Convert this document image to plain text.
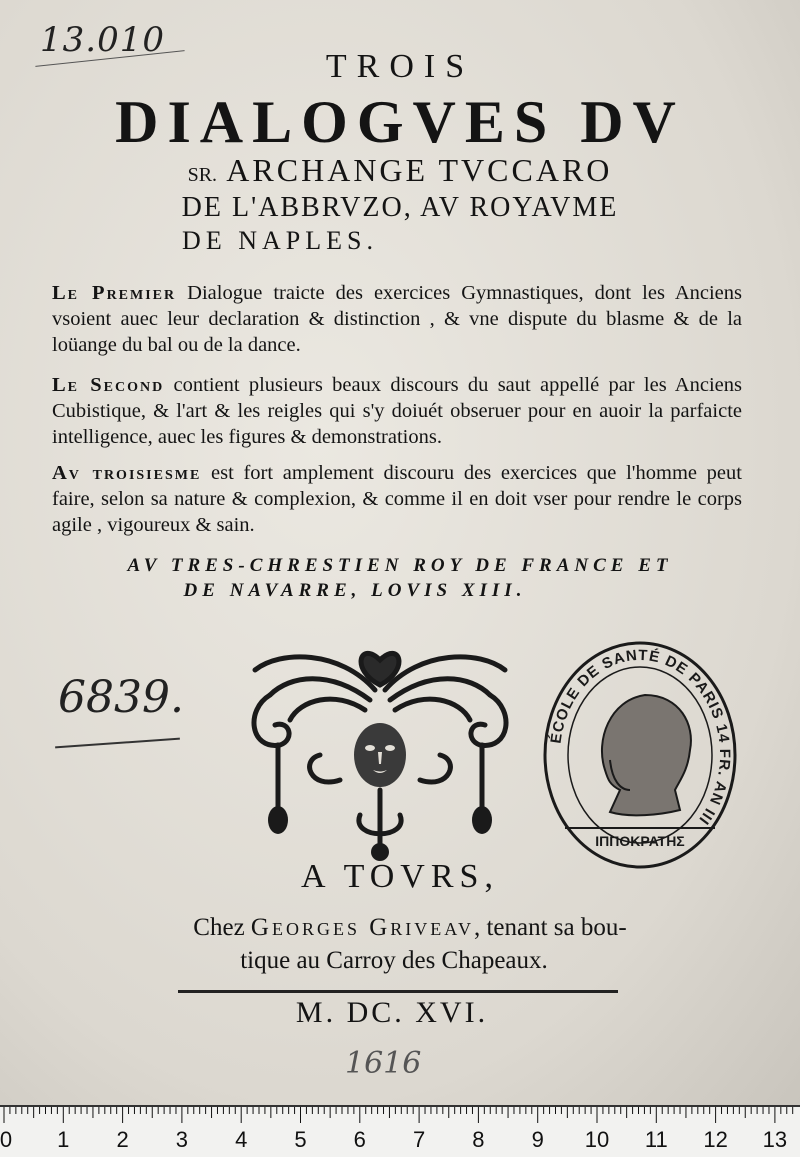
13.010
TROIS
DIALOGVES DV
SR. ARCHANGE TVCCARO
DE L'ABBRVZO, AV ROYAVME
DE NAPLES.
Le Premier Dialogue traicte des exercices Gymnastiques, dont les Anciens vsoient auec leur declaration & distinction , & vne dispute du blasme & de la loüange du bal ou de la dance.
Le Second contient plusieurs beaux discours du saut appellé par les Anciens Cubistique, & l'art & les reigles qui s'y doiuét obseruer pour en auoir la parfaicte intelligence, auec les figures & demonstrations.
Av troisiesme est fort amplement discouru des exercices que l'homme peut faire, selon sa nature & complexion, & comme il en doit vser pour rendre le corps agile , vigoureux & sain.
AV TRES-CHRESTIEN ROY DE FRANCE ET
DE NAVARRE, LOVIS XIII.
6839.
ÉCOLE DE SANTÉ DE PARIS 14 FR. AN III
ΙΠΠΟΚΡΑΤΗΣ
A TOVRS,
Chez Georges Griveav, tenant sa bou-
tique au Carroy des Chapeaux.
M. DC. XVI.
1616
0 1 2 3 4 5 6 7 8 9 10 11 12 13
